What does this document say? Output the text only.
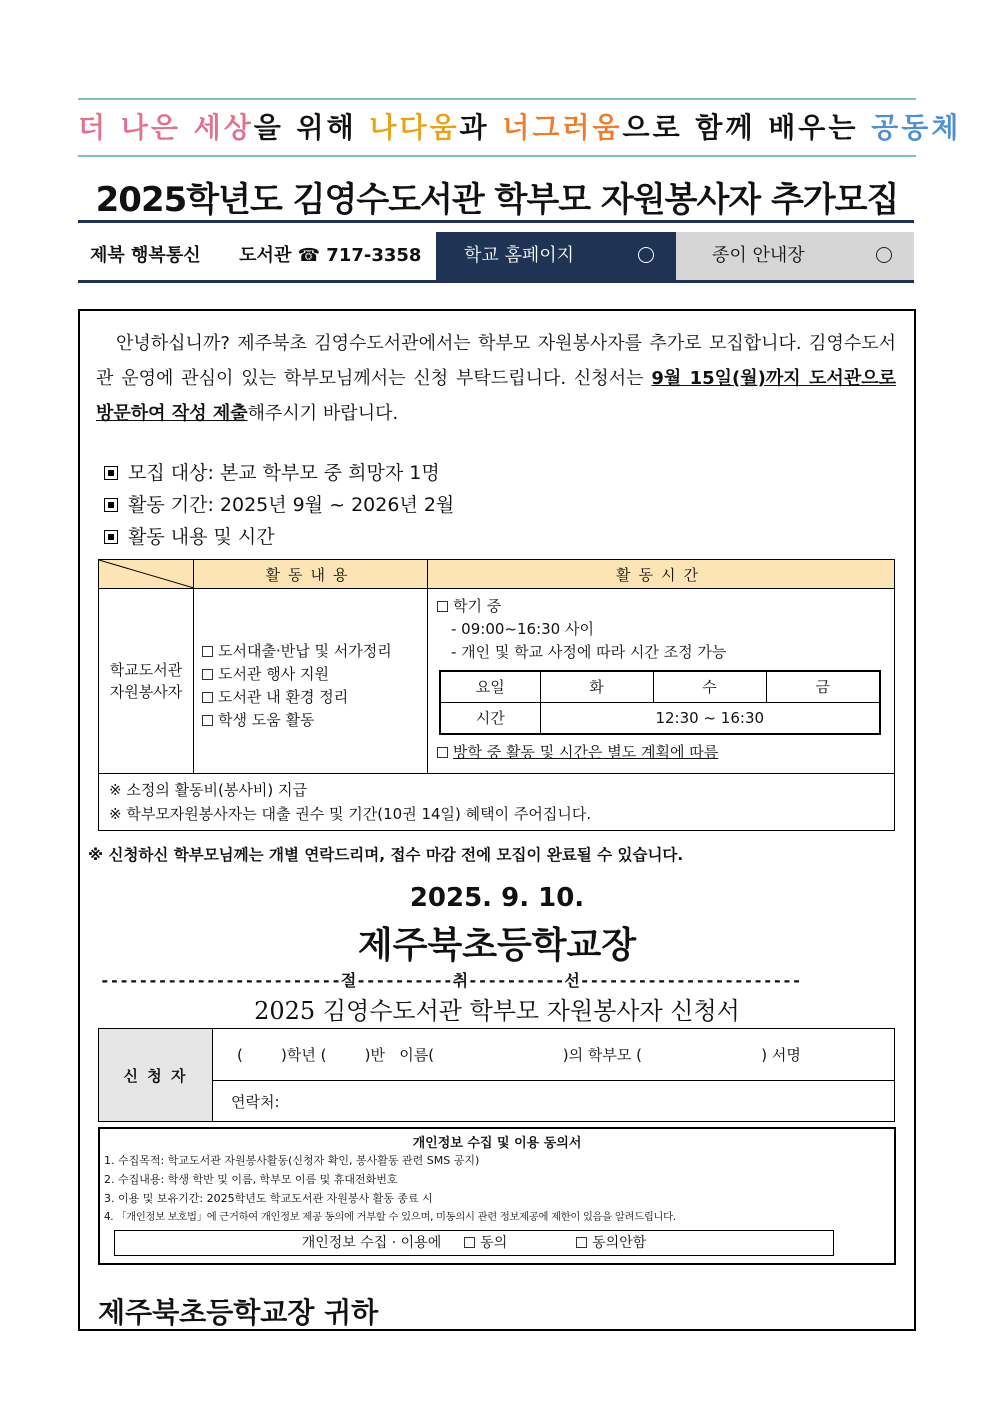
더 나은 세상을 위해 나다움과 너그러움으로 함께 배우는 공동체
2025학년도 김영수도서관 학부모 자원봉사자 추가모집
제북 행복통신 도서관 ☎ 717-3358	학교 홈페이지	종이 안내장
안녕하십니까? 제주북초 김영수도서관에서는 학부모 자원봉사자를 추가로 모집합니다. 김영수도서관 운영에 관심이 있는 학부모님께서는 신청 부탁드립니다. 신청서는 9월 15일(월)까지 도서관으로 방문하여 작성 제출해주시기 바랍니다.
모집 대상: 본교 학부모 중 희망자 1명
활동 기간: 2025년 9월 ~ 2026년 2월
활동 내용 및 시간
	활동내용	활동시간

학교도서관
자원봉사자

도서대출·반납 및 서가정리
도서관 행사 지원
도서관 내 환경 정리
학생 도움 활동

학기 중
- 09:00~16:30 사이
- 개인 및 학교 사정에 따라 시간 조정 가능
요일	화	수	금
시간	12:30 ~ 16:30
방학 중 활동 및 시간은 별도 계획에 따름

※ 소정의 활동비(봉사비) 지급
※ 학부모자원봉사자는 대출 권수 및 기간(10권 14일) 혜택이 주어집니다.
※ 신청하신 학부모님께는 개별 연락드리며, 접수 마감 전에 모집이 완료될 수 있습니다.
2025. 9. 10.
제주북초등학교장
-------------------------절----------취----------선-----------------------
2025 김영수도서관 학부모 자원봉사자 신청서
신 청 자	(        )학년 (        )반   이름(                           )의 학부모 (                         ) 서명
연락처:
개인정보 수집 및 이용 동의서
1. 수집목적: 학교도서관 자원봉사활동(신청자 확인, 봉사활동 관련 SMS 공지)
2. 수집내용: 학생 학반 및 이름, 학부모 이름 및 휴대전화번호
3. 이용 및 보유기간: 2025학년도 학교도서관 자원봉사 활동 종료 시
4. 「개인정보 보호법」에 근거하여 개인정보 제공 동의에 거부할 수 있으며, 미동의시 관련 정보제공에 제한이 있음을 알려드립니다.
개인정보 수집 · 이용에	동의	동의안함
제주북초등학교장 귀하
